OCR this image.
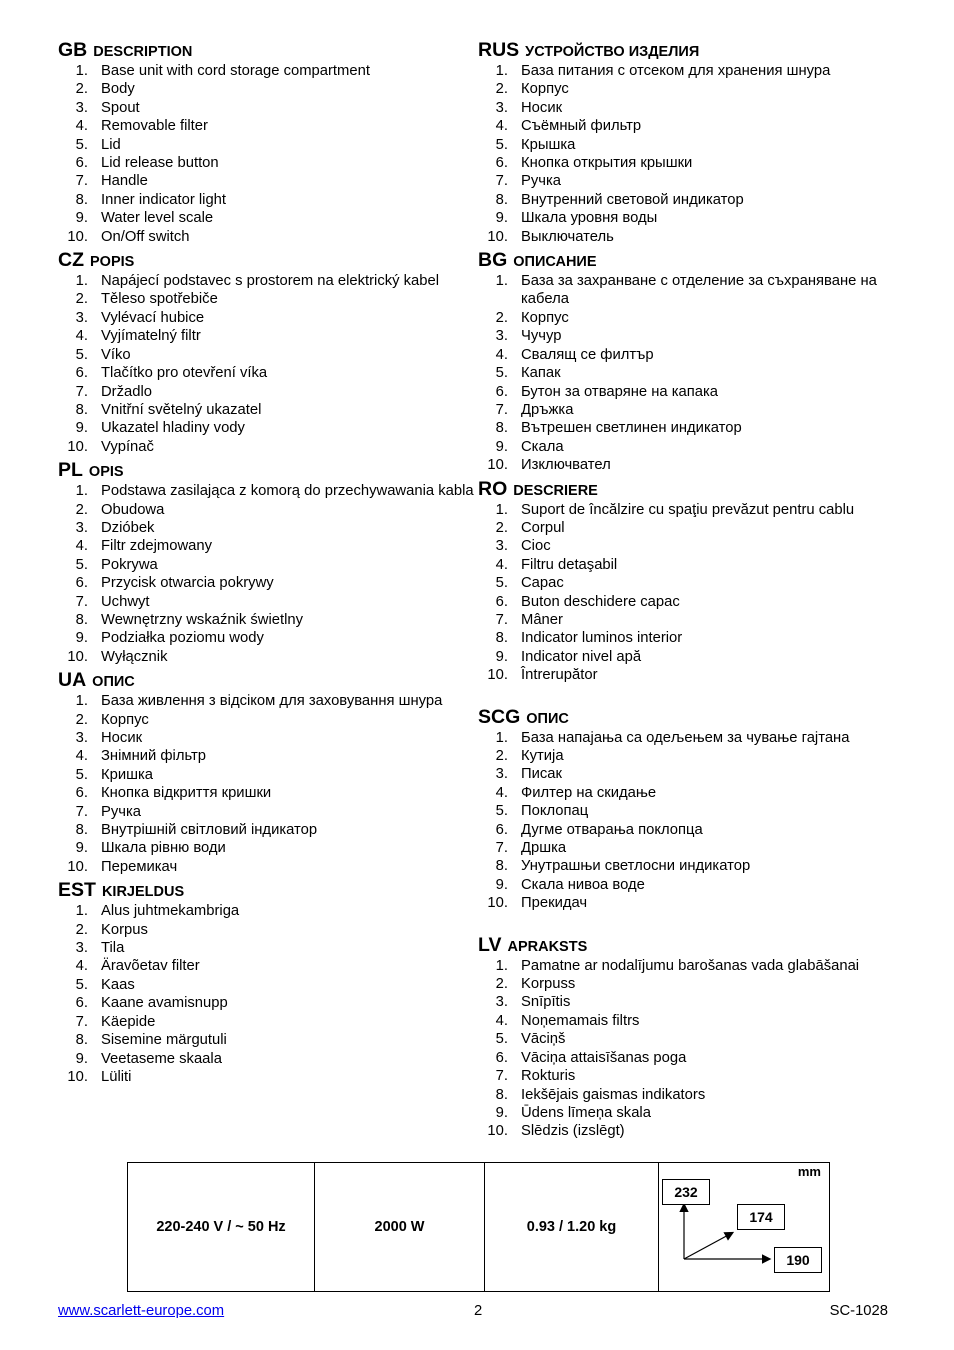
GB DESCRIPTION
1. Base unit with cord storage compartment
2. Body
3. Spout
4. Removable filter
5. Lid
6. Lid release button
7. Handle
8. Inner indicator light
9. Water level scale
10. On/Off switch
CZ POPIS
1. Napájecí podstavec s prostorem na elektrický kabel
2. Těleso spotřebiče
3. Vylévací hubice
4. Vyjímatelný filtr
5. Víko
6. Tlačítko pro otevření víka
7. Držadlo
8. Vnitřní světelný ukazatel
9. Ukazatel hladiny vody
10. Vypínač
PL OPIS
1. Podstawa zasilająca z komorą do przechywawania kabla
2. Obudowa
3. Dzióbek
4. Filtr zdejmowany
5. Pokrywa
6. Przycisk otwarcia pokrywy
7. Uchwyt
8. Wewnętrzny wskaźnik świetlny
9. Podziałka poziomu wody
10. Wyłącznik
UA ОПИС
1. База живлення з відсіком для заховування шнура
2. Корпус
3. Носик
4. Знімний фільтр
5. Кришка
6. Кнопка відкриття кришки
7. Ручка
8. Внутрішній світловий індикатор
9. Шкала рівню води
10. Перемикач
EST KIRJELDUS
1. Alus juhtmekambriga
2. Korpus
3. Tila
4. Äravõetav filter
5. Kaas
6. Kaane avamisnupp
7. Käepide
8. Sisemine märgutuli
9. Veetaseme skaala
10. Lüliti
RUS УСТРОЙСТВО ИЗДЕЛИЯ
1. База питания с отсеком для хранения шнура
2. Корпус
3. Носик
4. Съёмный фильтр
5. Крышка
6. Кнопка открытия крышки
7. Ручка
8. Внутренний световой индикатор
9. Шкала уровня воды
10. Выключатель
BG ОПИСАНИЕ
1. База за захранване с отделение за съхраняване на кабела
2. Корпус
3. Чучур
4. Свалящ се филтър
5. Капак
6. Бутон за отваряне на капака
7. Дръжка
8. Вътрешен светлинен индикатор
9. Скала
10. Изключвател
RO DESCRIERE
1. Suport de încălzire cu spaţiu prevăzut pentru cablu
2. Corpul
3. Cioc
4. Filtru detaşabil
5. Capac
6. Buton deschidere capac
7. Mâner
8. Indicator luminos interior
9. Indicator nivel apă
10. Întrerupător
SCG ОПИС
1. База напајања са одељењем за чување гајтана
2. Кутија
3. Писак
4. Филтер на скидање
5. Поклопац
6. Дугме отварања поклопца
7. Дршка
8. Унутрашњи светлосни индикатор
9. Скала нивоа воде
10. Прекидач
LV APRAKSTS
1. Pamatne ar nodalījumu barošanas vada glabāšanai
2. Korpuss
3. Snīpītis
4. Noņemamais filtrs
5. Vāciņš
6. Vāciņa attaisīšanas poga
7. Rokturis
8. Iekšējais gaismas indikators
9. Ūdens līmeņa skala
10. Slēdzis (izslēgt)
220-240 V / ~ 50 Hz	2000 W	0.93 / 1.20 kg
mm
232
174
190
www.scarlett-europe.com	2	SC-1028
